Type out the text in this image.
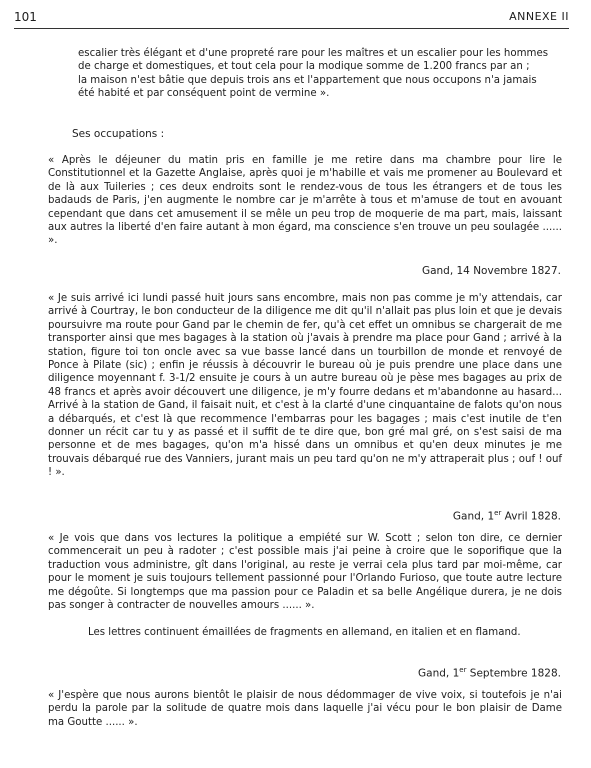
101	ANNEXE II
escalier très élégant et d'une propreté rare pour les maîtres et un escalier pour les hommes
de charge et domestiques, et tout cela pour la modique somme de 1.200 francs par an ;
la maison n'est bâtie que depuis trois ans et l'appartement que nous occupons n'a jamais
été habité et par conséquent point de vermine ».
Ses occupations :
« Après le déjeuner du matin pris en famille je me retire dans ma chambre pour lire le Constitutionnel et la Gazette Anglaise, après quoi je m'habille et vais me promener au Boulevard et de là aux Tuileries ; ces deux endroits sont le rendez-vous de tous les étrangers et de tous les badauds de Paris, j'en augmente le nombre car je m'arrête à tous et m'amuse de tout en avouant cependant que dans cet amusement il se mêle un peu trop de moquerie de ma part, mais, laissant aux autres la liberté d'en faire autant à mon égard, ma conscience s'en trouve un peu soulagée ...... ».
Gand, 14 Novembre 1827.
« Je suis arrivé ici lundi passé huit jours sans encombre, mais non pas comme je m'y attendais, car arrivé à Courtray, le bon conducteur de la diligence me dit qu'il n'allait pas plus loin et que je devais poursuivre ma route pour Gand par le chemin de fer, qu'à cet effet un omnibus se chargerait de me transporter ainsi que mes bagages à la station où j'avais à prendre ma place pour Gand ; arrivé à la station, figure toi ton oncle avec sa vue basse lancé dans un tourbillon de monde et renvoyé de Ponce à Pilate (sic) ; enfin je réussis à découvrir le bureau où je puis prendre une place dans une diligence moyennant f. 3-1/2 ensuite je cours à un autre bureau où je pèse mes bagages au prix de 48 francs et après avoir découvert une diligence, je m'y fourre dedans et m'abandonne au hasard... Arrivé à la station de Gand, il faisait nuit, et c'est à la clarté d'une cinquantaine de falots qu'on nous a débarqués, et c'est là que recommence l'embarras pour les bagages ; mais c'est inutile de t'en donner un récit car tu y as passé et il suffit de te dire que, bon gré mal gré, on s'est saisi de ma personne et de mes bagages, qu'on m'a hissé dans un omnibus et qu'en deux minutes je me trouvais débarqué rue des Vanniers, jurant mais un peu tard qu'on ne m'y attraperait plus ; ouf ! ouf ! ».
Gand, 1er Avril 1828.
« Je vois que dans vos lectures la politique a empiété sur W. Scott ; selon ton dire, ce dernier commencerait un peu à radoter ; c'est possible mais j'ai peine à croire que le soporifique que la traduction vous administre, gît dans l'original, au reste je verrai cela plus tard par moi-même, car pour le moment je suis toujours tellement passionné pour l'Orlando Furioso, que toute autre lecture me dégoûte. Si longtemps que ma passion pour ce Paladin et sa belle Angélique durera, je ne dois pas songer à contracter de nouvelles amours ...... ».
Les lettres continuent émaillées de fragments en allemand, en italien et en flamand.
Gand, 1er Septembre 1828.
« J'espère que nous aurons bientôt le plaisir de nous dédommager de vive voix, si toutefois je n'ai perdu la parole par la solitude de quatre mois dans laquelle j'ai vécu pour le bon plaisir de Dame ma Goutte ...... ».
